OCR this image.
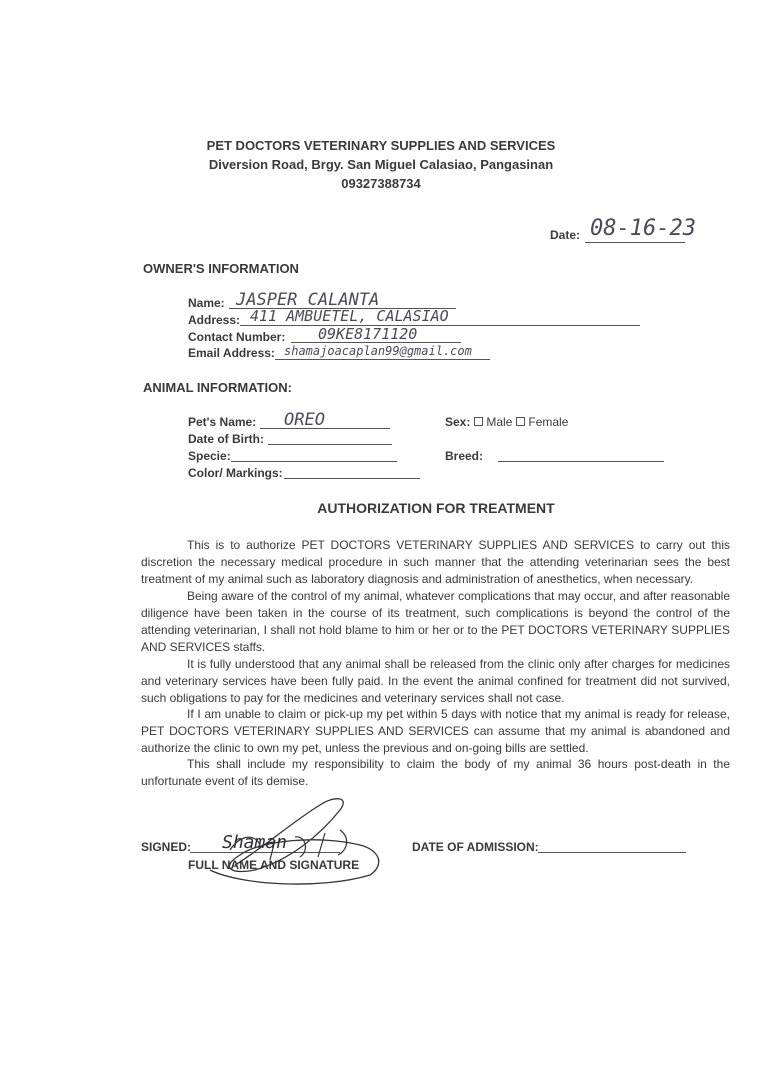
PET DOCTORS VETERINARY SUPPLIES AND SERVICES
Diversion Road, Brgy. San Miguel Calasiao, Pangasinan
09327388734
Date: 08-16-23
OWNER'S INFORMATION
Name: JASPER CALANTA
Address: 411 AMBUETEL, CALASIAO
Contact Number: 09KE8171120
Email Address: shamajoacaplan99@gmail.com
ANIMAL INFORMATION:
Pet's Name: OREO
Date of Birth:
Specie:
Color/ Markings:
Sex: Male Female
Breed:
AUTHORIZATION FOR TREATMENT
This is to authorize PET DOCTORS VETERINARY SUPPLIES AND SERVICES to carry out this discretion the necessary medical procedure in such manner that the attending veterinarian sees the best treatment of my animal such as laboratory diagnosis and administration of anesthetics, when necessary.
Being aware of the control of my animal, whatever complications that may occur, and after reasonable diligence have been taken in the course of its treatment, such complications is beyond the control of the attending veterinarian, I shall not hold blame to him or her or to the PET DOCTORS VETERINARY SUPPLIES AND SERVICES staffs.
It is fully understood that any animal shall be released from the clinic only after charges for medicines and veterinary services have been fully paid. In the event the animal confined for treatment did not survived, such obligations to pay for the medicines and veterinary services shall not case.
If I am unable to claim or pick-up my pet within 5 days with notice that my animal is ready for release, PET DOCTORS VETERINARY SUPPLIES AND SERVICES can assume that my animal is abandoned and authorize the clinic to own my pet, unless the previous and on-going bills are settled.
This shall include my responsibility to claim the body of my animal 36 hours post-death in the unfortunate event of its demise.
SIGNED:
FULL NAME AND SIGNATURE
Shaman	DATE OF ADMISSION:
